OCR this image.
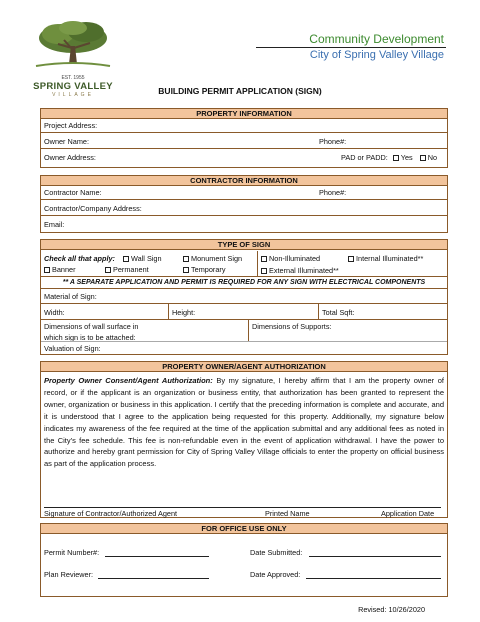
EST. 1955
SPRING VALLEY
VILLAGE
Community Development
City of Spring Valley Village
BUILDING PERMIT APPLICATION (SIGN)
PROPERTY INFORMATION
Project Address:
Owner Name:	Phone#:
Owner Address:	PAD or PADD: Yes No
CONTRACTOR INFORMATION
Contractor Name:	Phone#:
Contractor/Company Address:
Email:
TYPE OF SIGN
Check all that apply:	Wall Sign	Monument Sign	Non-Illuminated	Internal Illuminated**
Banner	Permanent	Temporary	External Illuminated**
** A SEPARATE APPLICATION AND PERMIT IS REQUIRED FOR ANY SIGN WITH ELECTRICAL COMPONENTS
Material of Sign:
Width:	Height:	Total Sqft:
Dimensions of wall surface in
which sign is to be attached:
Dimensions of Supports:
Valuation of Sign:
PROPERTY OWNER/AGENT AUTHORIZATION
Property Owner Consent/Agent Authorization: By my signature, I hereby affirm that I am the property owner of record, or if the applicant is an organization or business entity, that authorization has been granted to represent the owner, organization or business in this application. I certify that the preceding information is complete and accurate, and it is understood that I agree to the application being requested for this property. Additionally, my signature below indicates my awareness of the fee required at the time of the application submittal and any additional fees as noted in the City's fee schedule. This fee is non-refundable even in the event of application withdrawal. I have the power to authorize and hereby grant permission for City of Spring Valley Village officials to enter the property on official business as part of the application process.
Signature of Contractor/Authorized Agent	Printed Name	Application Date
FOR OFFICE USE ONLY
Permit Number#:	Date Submitted:
Plan Reviewer:	Date Approved:
Revised: 10/26/2020
